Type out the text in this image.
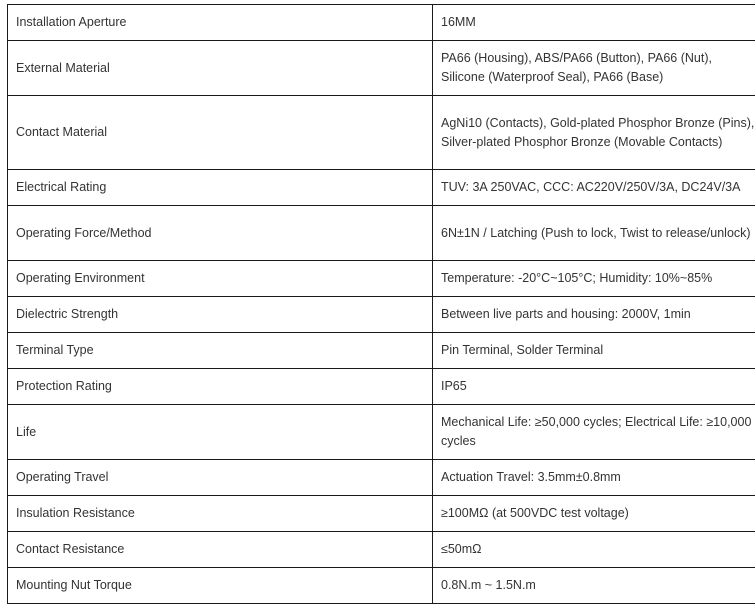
Installation Aperture	16MM
External Material	PA66 (Housing), ABS/PA66 (Button), PA66 (Nut), Silicone (Waterproof Seal), PA66 (Base)
Contact Material	AgNi10 (Contacts), Gold-plated Phosphor Bronze (Pins), Silver-plated Phosphor Bronze (Movable Contacts)
Electrical Rating	TUV: 3A 250VAC, CCC: AC220V/250V/3A, DC24V/3A
Operating Force/Method	6N±1N / Latching (Push to lock, Twist to release/unlock)
Operating Environment	Temperature: -20°C~105°C; Humidity: 10%~85%
Dielectric Strength	Between live parts and housing: 2000V, 1min
Terminal Type	Pin Terminal, Solder Terminal
Protection Rating	IP65
Life	Mechanical Life: ≥50,000 cycles; Electrical Life: ≥10,000 cycles
Operating Travel	Actuation Travel: 3.5mm±0.8mm
Insulation Resistance	≥100MΩ (at 500VDC test voltage)
Contact Resistance	≤50mΩ
Mounting Nut Torque	0.8N.m ~ 1.5N.m
